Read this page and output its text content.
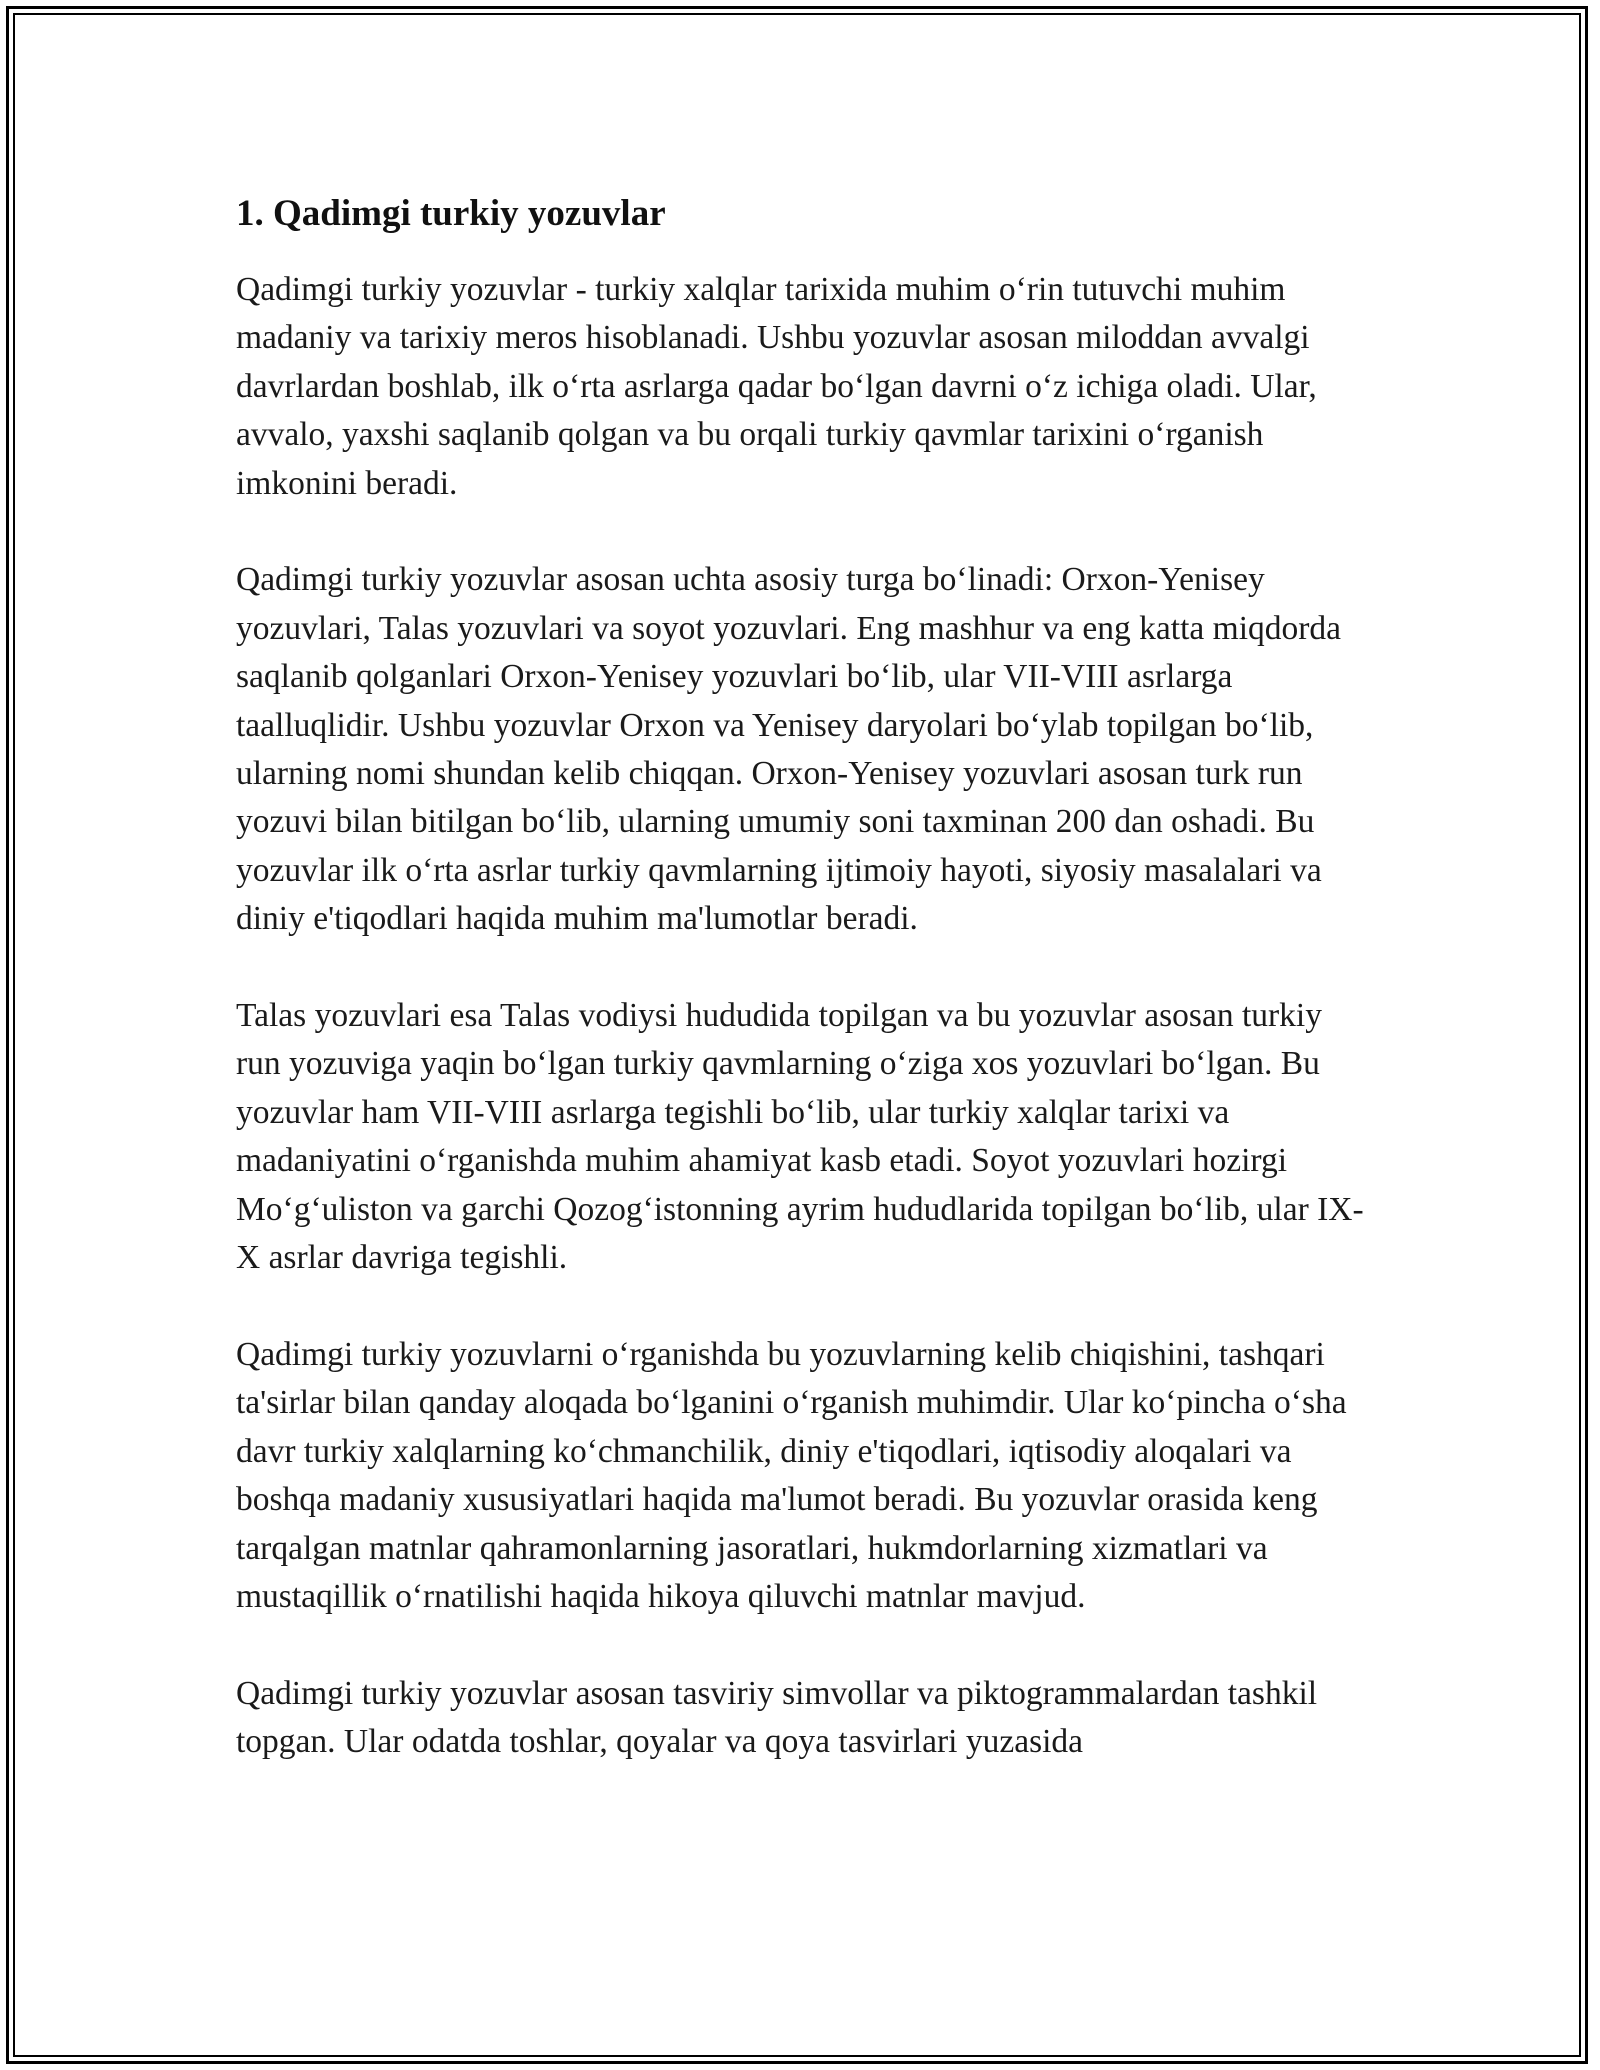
1. Qadimgi turkiy yozuvlar

Qadimgi turkiy yozuvlar - turkiy xalqlar tarixida muhim oʻrin tutuvchi muhim madaniy va tarixiy meros hisoblanadi. Ushbu yozuvlar asosan miloddan avvalgi davrlardan boshlab, ilk oʻrta asrlarga qadar boʻlgan davrni oʻz ichiga oladi. Ular, avvalo, yaxshi saqlanib qolgan va bu orqali turkiy qavmlar tarixini oʻrganish imkonini beradi.

Qadimgi turkiy yozuvlar asosan uchta asosiy turga boʻlinadi: Orxon-Yenisey yozuvlari, Talas yozuvlari va soyot yozuvlari. Eng mashhur va eng katta miqdorda saqlanib qolganlari Orxon-Yenisey yozuvlari boʻlib, ular VII-VIII asrlarga taalluqlidir. Ushbu yozuvlar Orxon va Yenisey daryolari boʻylab topilgan boʻlib, ularning nomi shundan kelib chiqqan. Orxon-Yenisey yozuvlari asosan turk run yozuvi bilan bitilgan boʻlib, ularning umumiy soni taxminan 200 dan oshadi. Bu yozuvlar ilk oʻrta asrlar turkiy qavmlarning ijtimoiy hayoti, siyosiy masalalari va diniy e'tiqodlari haqida muhim ma'lumotlar beradi.

Talas yozuvlari esa Talas vodiysi hududida topilgan va bu yozuvlar asosan turkiy run yozuviga yaqin boʻlgan turkiy qavmlarning oʻziga xos yozuvlari boʻlgan. Bu yozuvlar ham VII-VIII asrlarga tegishli boʻlib, ular turkiy xalqlar tarixi va madaniyatini oʻrganishda muhim ahamiyat kasb etadi. Soyot yozuvlari hozirgi Moʻgʻuliston va garchi Qozogʻistonning ayrim hududlarida topilgan boʻlib, ular IX-X asrlar davriga tegishli.

Qadimgi turkiy yozuvlarni oʻrganishda bu yozuvlarning kelib chiqishini, tashqari ta'sirlar bilan qanday aloqada boʻlganini oʻrganish muhimdir. Ular koʻpincha oʻsha davr turkiy xalqlarning koʻchmanchilik, diniy e'tiqodlari, iqtisodiy aloqalari va boshqa madaniy xususiyatlari haqida ma'lumot beradi. Bu yozuvlar orasida keng tarqalgan matnlar qahramonlarning jasoratlari, hukmdorlarning xizmatlari va mustaqillik oʻrnatilishi haqida hikoya qiluvchi matnlar mavjud.

Qadimgi turkiy yozuvlar asosan tasviriy simvollar va piktogrammalardan tashkil topgan. Ular odatda toshlar, qoyalar va qoya tasvirlari yuzasida
